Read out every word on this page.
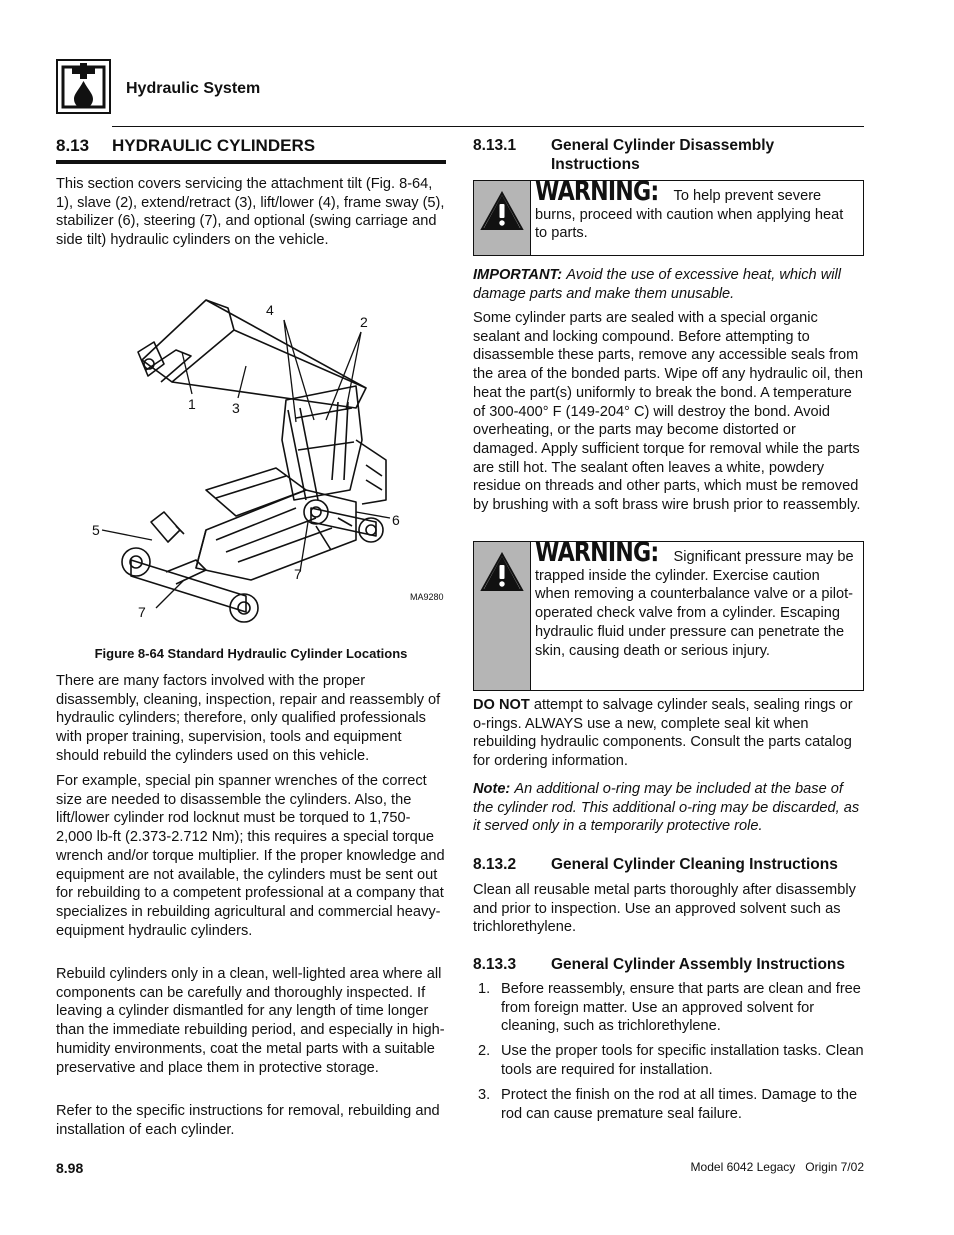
Hydraulic System
8.13 HYDRAULIC CYLINDERS

This section covers servicing the attachment tilt (Fig. 8-64, 1), slave (2), extend/retract (3), lift/lower (4), frame sway (5), stabilizer (6), steering (7), and optional (swing carriage and side tilt) hydraulic cylinders on the vehicle.

4
2
1	3
5
6
7
7
MA9280
Figure 8-64 Standard Hydraulic Cylinder Locations

There are many factors involved with the proper disassembly, cleaning, inspection, repair and reassembly of hydraulic cylinders; therefore, only qualified professionals with proper training, supervision, tools and equipment should rebuild the cylinders used on this vehicle.

For example, special pin spanner wrenches of the correct size are needed to disassemble the cylinders. Also, the lift/lower cylinder rod locknut must be torqued to 1,750-2,000 lb-ft (2.373-2.712 Nm); this requires a special torque wrench and/or torque multiplier. If the proper knowledge and equipment are not available, the cylinders must be sent out for rebuilding to a competent professional at a company that specializes in rebuilding agricultural and commercial heavy-equipment hydraulic cylinders.

Rebuild cylinders only in a clean, well-lighted area where all components can be carefully and thoroughly inspected. If leaving a cylinder dismantled for any length of time longer than the immediate rebuilding period, and especially in high-humidity environments, coat the metal parts with a suitable preservative and place them in protective storage.

Refer to the specific instructions for removal, rebuilding and installation of each cylinder.

8.13.1 General Cylinder Disassembly Instructions
WARNING: To help prevent severe burns, proceed with caution when applying heat to parts.

IMPORTANT: Avoid the use of excessive heat, which will damage parts and make them unusable.

Some cylinder parts are sealed with a special organic sealant and locking compound. Before attempting to disassemble these parts, remove any accessible seals from the area of the bonded parts. Wipe off any hydraulic oil, then heat the part(s) uniformly to break the bond. A temperature of 300-400° F (149-204° C) will destroy the bond. Avoid overheating, or the parts may become distorted or damaged. Apply sufficient torque for removal while the parts are still hot. The sealant often leaves a white, powdery residue on threads and other parts, which must be removed by brushing with a soft brass wire brush prior to reassembly.

WARNING: Significant pressure may be trapped inside the cylinder. Exercise caution when removing a counterbalance valve or a pilot-operated check valve from a cylinder. Escaping hydraulic fluid under pressure can penetrate the skin, causing death or serious injury.

DO NOT attempt to salvage cylinder seals, sealing rings or o-rings. ALWAYS use a new, complete seal kit when rebuilding hydraulic components. Consult the parts catalog for ordering information.

Note: An additional o-ring may be included at the base of the cylinder rod. This additional o-ring may be discarded, as it served only in a temporarily protective role.

8.13.2 General Cylinder Cleaning Instructions

Clean all reusable metal parts thoroughly after disassembly and prior to inspection. Use an approved solvent such as trichlorethylene.

8.13.3 General Cylinder Assembly Instructions
1. Before reassembly, ensure that parts are clean and free from foreign matter. Use an approved solvent for cleaning, such as trichlorethylene.
2. Use the proper tools for specific installation tasks. Clean tools are required for installation.
3. Protect the finish on the rod at all times. Damage to the rod can cause premature seal failure.
8.98	Model 6042 Legacy   Origin 7/02
